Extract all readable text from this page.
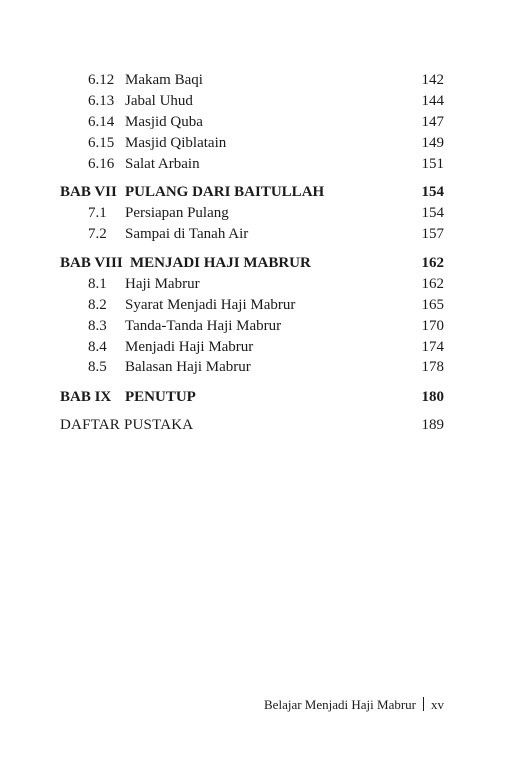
6.12 Makam Baqi	142
6.13 Jabal Uhud	144
6.14 Masjid Quba	147
6.15 Masjid Qiblatain	149
6.16 Salat Arbain	151
BAB VII PULANG DARI BAITULLAH	154
7.1 Persiapan Pulang	154
7.2 Sampai di Tanah Air	157
BAB VIII MENJADI HAJI MABRUR	162
8.1 Haji Mabrur	162
8.2 Syarat Menjadi Haji Mabrur	165
8.3 Tanda-Tanda Haji Mabrur	170
8.4 Menjadi Haji Mabrur	174
8.5 Balasan Haji Mabrur	178
BAB IX PENUTUP	180
DAFTAR PUSTAKA	189
Belajar Menjadi Haji Mabrur xv
